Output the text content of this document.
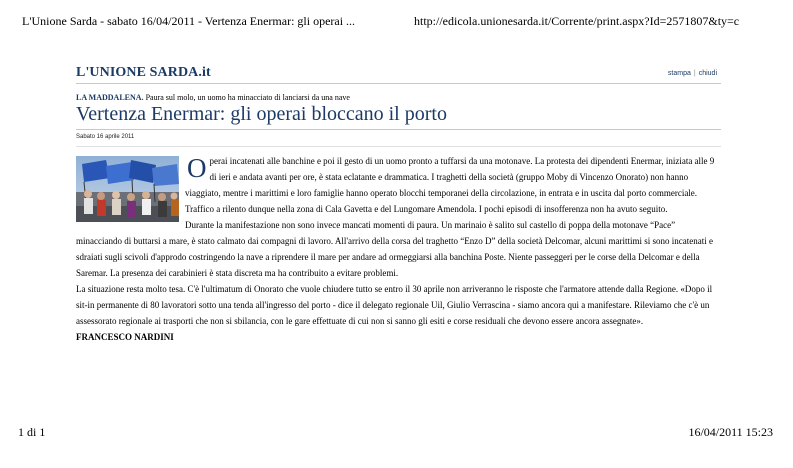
L'Unione Sarda - sabato 16/04/2011 - Vertenza Enermar: gli operai ...	http://edicola.unionesarda.it/Corrente/print.aspx?Id=2571807&ty=c
L'UNIONE SARDA.it	stampa | chiudi
LA MADDALENA. Paura sul molo, un uomo ha minacciato di lanciarsi da una nave
Vertenza Enermar: gli operai bloccano il porto
Sabato 16 aprile 2011
O perai incatenati alle banchine e poi il gesto di un uomo pronto a tuffarsi da una motonave. La protesta dei dipendenti Enermar, iniziata alle 9 di ieri e andata avanti per ore, è stata eclatante e drammatica. I traghetti della società (gruppo Moby di Vincenzo Onorato) non hanno viaggiato, mentre i marittimi e loro famiglie hanno operato blocchi temporanei della circolazione, in entrata e in uscita dal porto commerciale. Traffico a rilento dunque nella zona di Cala Gavetta e del Lungomare Amendola. I pochi episodi di insofferenza non ha avuto seguito.

Durante la manifestazione non sono invece mancati momenti di paura. Un marinaio è salito sul castello di poppa della motonave “Pace” minacciando di buttarsi a mare, è stato calmato dai compagni di lavoro. All'arrivo della corsa del traghetto “Enzo D” della società Delcomar, alcuni marittimi si sono incatenati e sdraiati sugli scivoli d'approdo costringendo la nave a riprendere il mare per andare ad ormeggiarsi alla banchina Poste. Niente passeggeri per le corse della Delcomar e della Saremar. La presenza dei carabinieri è stata discreta ma ha contribuito a evitare problemi.

La situazione resta molto tesa. C'è l'ultimatum di Onorato che vuole chiudere tutto se entro il 30 aprile non arriveranno le risposte che l'armatore attende dalla Regione. «Dopo il sit-in permanente di 80 lavoratori sotto una tenda all'ingresso del porto - dice il delegato regionale Uil, Giulio Verrascina - siamo ancora qui a manifestare. Rileviamo che c'è un assessorato regionale ai trasporti che non si sbilancia, con le gare effettuate di cui non si sanno gli esiti e corse residuali che devono essere ancora assegnate».

FRANCESCO NARDINI
1 di 1	16/04/2011 15:23
